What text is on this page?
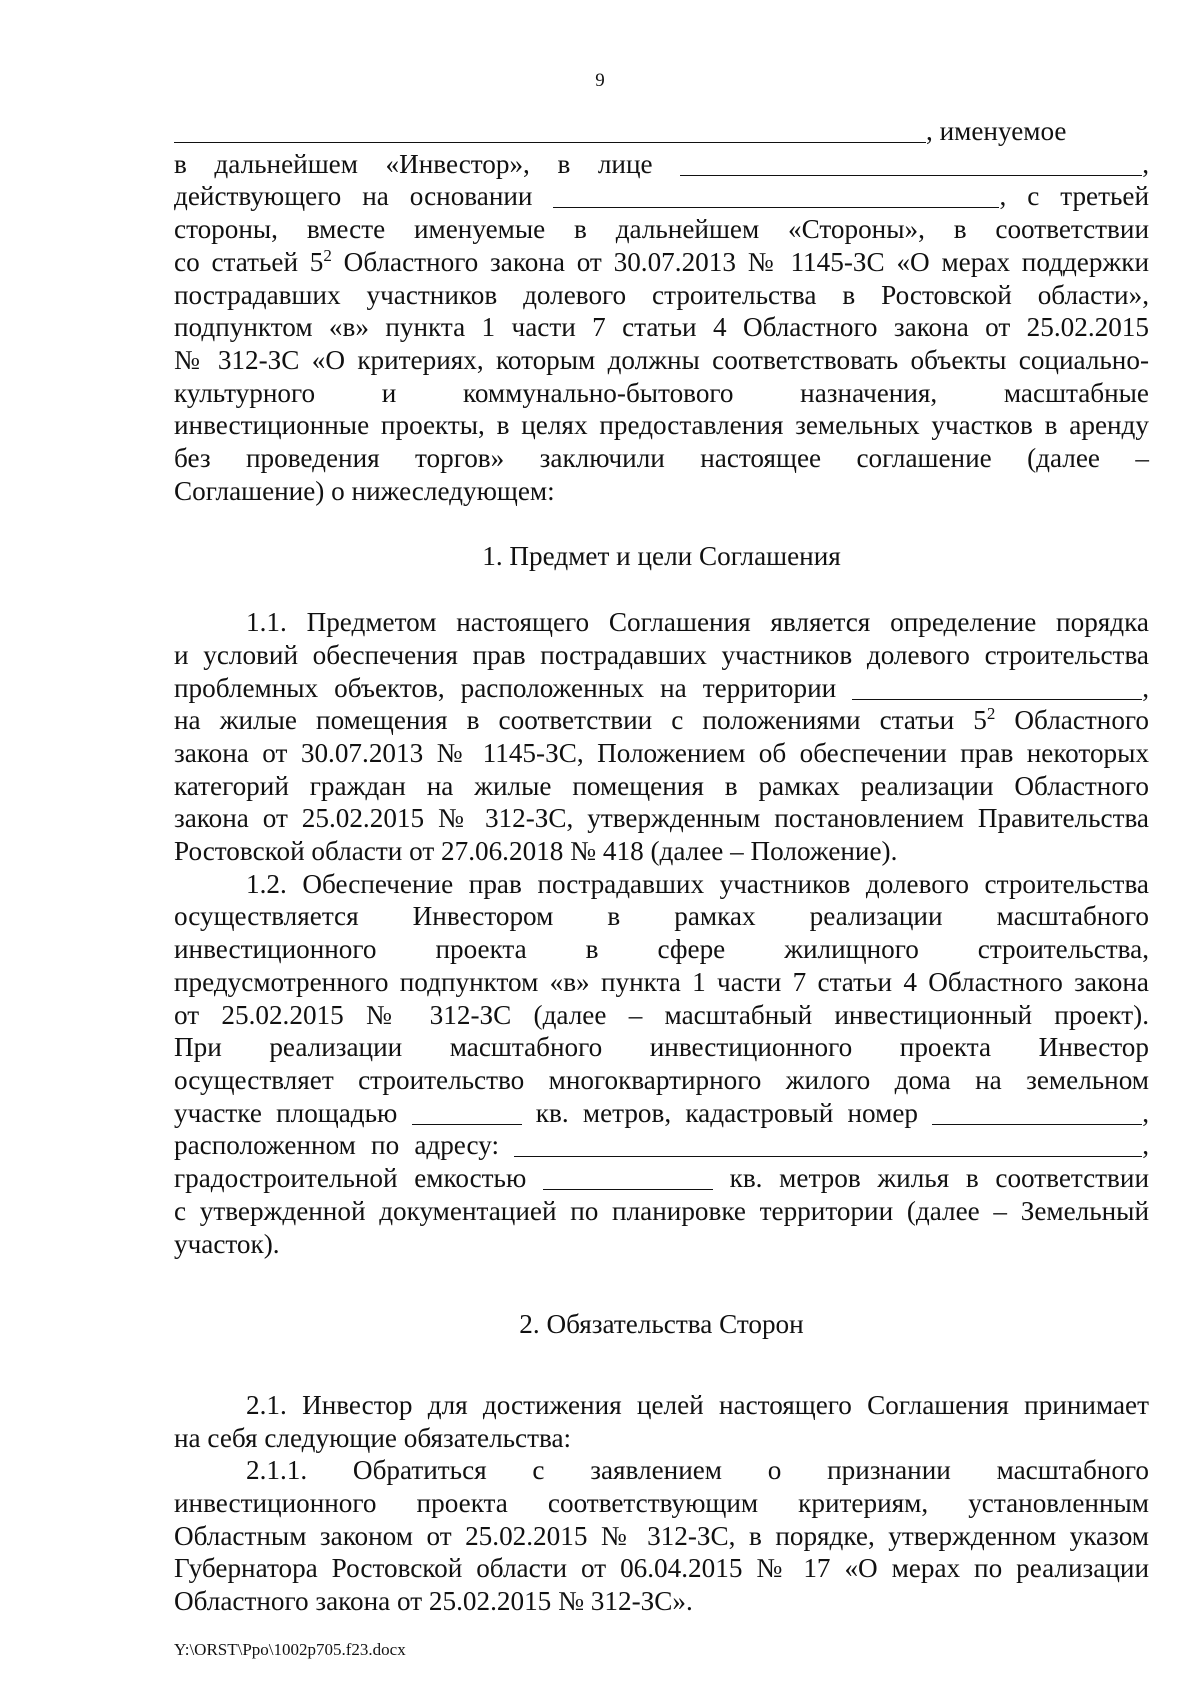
9
, именуемое
в дальнейшем «Инвестор», в лице	,
действующего на основании	, с третьей
стороны, вместе именуемые в дальнейшем «Стороны», в соответствии
со статьей $5^2$ Областного закона от 30.07.2013 № 1145-ЗС «О мерах поддержки
пострадавших участников долевого строительства в Ростовской области»,
подпунктом «в» пункта 1 части 7 статьи 4 Областного закона от 25.02.2015
№ 312-ЗС «О критериях, которым должны соответствовать объекты социально-
культурного и коммунально-бытового назначения, масштабные
инвестиционные проекты, в целях предоставления земельных участков в аренду
без проведения торгов» заключили настоящее соглашение (далее –
Соглашение) о нижеследующем:
1. Предмет и цели Соглашения
1.1. Предметом настоящего Соглашения является определение порядка
и условий обеспечения прав пострадавших участников долевого строительства
проблемных объектов, расположенных на территории	,
на жилые помещения в соответствии с положениями статьи $5^2$ Областного
закона от 30.07.2013 № 1145-ЗС, Положением об обеспечении прав некоторых
категорий граждан на жилые помещения в рамках реализации Областного
закона от 25.02.2015 № 312-ЗС, утвержденным постановлением Правительства
Ростовской области от 27.06.2018 № 418 (далее – Положение).
1.2. Обеспечение прав пострадавших участников долевого строительства
осуществляется Инвестором в рамках реализации масштабного
инвестиционного проекта в сфере жилищного строительства,
предусмотренного подпунктом «в» пункта 1 части 7 статьи 4 Областного закона
от 25.02.2015 № 312-ЗС (далее – масштабный инвестиционный проект).
При реализации масштабного инвестиционного проекта Инвестор
осуществляет строительство многоквартирного жилого дома на земельном
участке площадью	кв. метров, кадастровый номер	,
расположенном по адресу:	,
градостроительной емкостью	кв. метров жилья в соответствии
с утвержденной документацией по планировке территории (далее – Земельный
участок).
2. Обязательства Сторон
2.1. Инвестор для достижения целей настоящего Соглашения принимает
на себя следующие обязательства:
2.1.1. Обратиться с заявлением о признании масштабного
инвестиционного проекта соответствующим критериям, установленным
Областным законом от 25.02.2015 № 312-ЗС, в порядке, утвержденном указом
Губернатора Ростовской области от 06.04.2015 № 17 «О мерах по реализации
Областного закона от 25.02.2015 № 312-ЗС».
Y:\ORST\Ppo\1002p705.f23.docx
